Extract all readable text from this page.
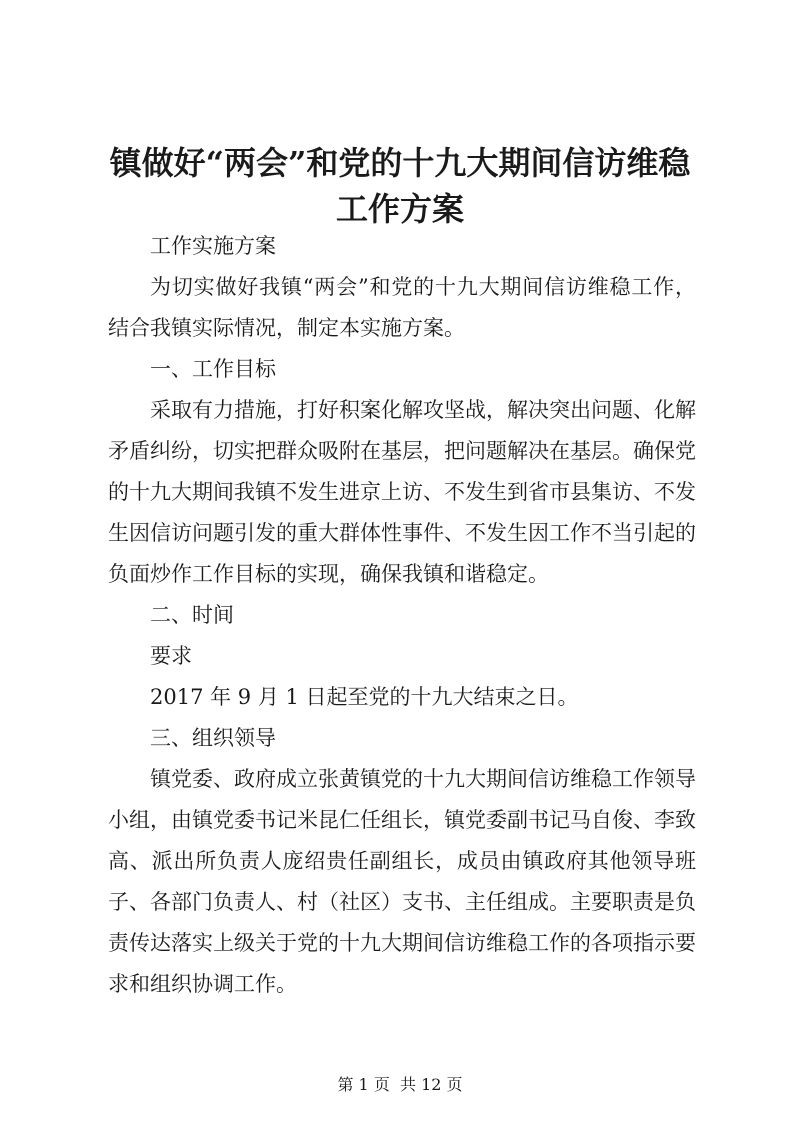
镇做好“两会”和党的十九大期间信访维稳工作方案

工作实施方案

为切实做好我镇“两会”和党的十九大期间信访维稳工作，结合我镇实际情况，制定本实施方案。

一、工作目标

采取有力措施，打好积案化解攻坚战，解决突出问题、化解矛盾纠纷，切实把群众吸附在基层，把问题解决在基层。确保党的十九大期间我镇不发生进京上访、不发生到省市县集访、不发生因信访问题引发的重大群体性事件、不发生因工作不当引起的负面炒作工作目标的实现，确保我镇和谐稳定。

二、时间

要求

2017 年 9 月 1 日起至党的十九大结束之日。

三、组织领导

镇党委、政府成立张黄镇党的十九大期间信访维稳工作领导小组，由镇党委书记米昆仁任组长，镇党委副书记马自俊、李致高、派出所负责人庞绍贵任副组长，成员由镇政府其他领导班子、各部门负责人、村（社区）支书、主任组成。主要职责是负责传达落实上级关于党的十九大期间信访维稳工作的各项指示要求和组织协调工作。

第 1 页  共 12 页
